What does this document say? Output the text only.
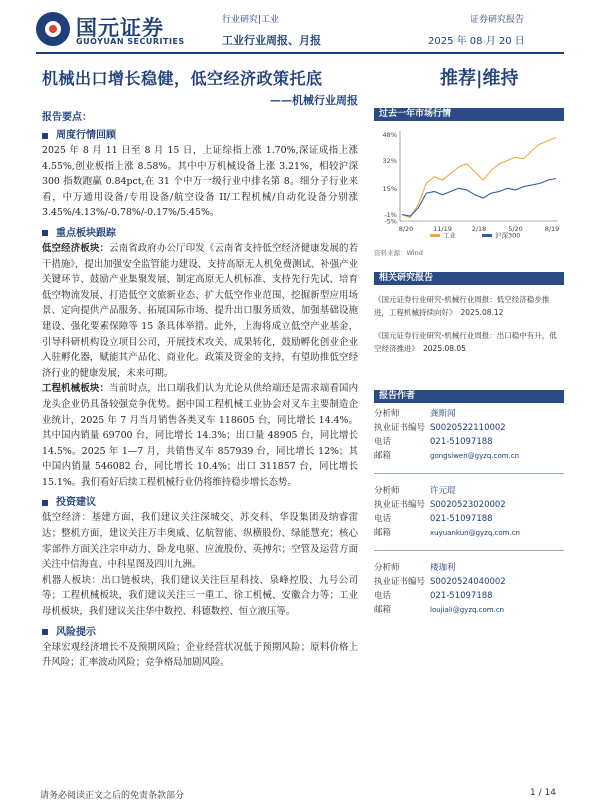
国元证券
GUOYUAN SECURITIES
行业研究|工业	证券研究报告
工业行业周报、月报	2025 年 08 月 20 日
机械出口增长稳健，低空经济政策托底	推荐|维持
——机械行业周报
报告要点：
周度行情回顾
2025 年 8 月 11 日至 8 月 15 日，上证综指上涨 1.70%,深证成指上涨 4.55%,创业板指上涨 8.58%。其中中万机械设备上涨 3.21%，相较沪深 300 指数跑赢 0.84pct,在 31 个中万一级行业中排名第 8。细分子行业来看，中万通用设备/专用设备/航空设备 II/工程机械/自动化设备分别涨 3.45%/4.13%/-0.78%/-0.17%/5.45%。
重点板块跟踪
低空经济板块：云南省政府办公厅印发《云南省支持低空经济健康发展的若干措施》，提出加强安全监管能力建设、支持高原无人机免费测试、补强产业关键环节、鼓励产业集聚发展、制定高原无人机标准、支持先行先试、培育低空物流发展、打造低空文旅新业态、扩大低空作业范围、挖掘新型应用场景、定向提供产品服务、拓展国际市场、提升出口服务质效、加强基础设施建设、强化要素保障等 15 条具体举措。此外，上海将成立低空产业基金，引导科研机构设立项目公司，开展技术攻关、成果转化，鼓励孵化创业企业入驻孵化器，赋能其产品化、商业化。政策及资金的支持，有望助推低空经济行业的健康发展，未来可期。
工程机械板块：当前时点，出口端我们认为尤论从供给端还是需求端看国内龙头企业仍具备较强竞争优势。据中国工程机械工业协会对叉车主要制造企业统计，2025 年 7 月当月销售各类叉车 118605 台，同比增长 14.4%。其中国内销量 69700 台，同比增长 14.3%；出口量 48905 台，同比增长 14.5%。2025 年 1—7 月，共销售叉车 857939 台，同比增长 12%；其中国内销量 546082 台，同比增长 10.4%；出口 311857 台，同比增长 15.1%。我们看好后续工程机械行业仍将维持稳步增长态势。
投资建议
低空经济：基建方面，我们建议关注深城交、苏交科、华设集团及纳睿雷达；整机方面，建议关注万丰奥威、亿航智能、纵横股份、绿能慧充；核心零部件方面关注宗申动力、卧龙电驱、应流股份、英搏尔；空管及运营方面关注中信海直、中科星图及四川九洲。
机器人板块：出口链板块，我们建议关注巨星科技、泉峰控股、九号公司等；工程机械板块，我们建议关注三一重工、徐工机械、安徽合力等；工业母机板块，我们建议关注华中数控、科德数控、恒立液压等。
风险提示
全球宏观经济增长不及预期风险；企业经营状况低于预期风险；原料价格上升风险；汇率波动风险；竞争格局加剧风险。
过去一年市场行情
48%
32%
15%
-1%
-5%
8/20	11/19	2/18	5/20	8/19
工业	沪深300
资料来源：Wind
相关研究报告
《国元证券行业研究-机械行业周报：低空经济稳步推进，工程机械持续向好》 2025.08.12
《国元证券行业研究-机械行业周报：出口稳中有升，低空经济推进》 2025.08.05
报告作者
分析师	龚斯闻
执业证书编号 S0020522110002
电话	021-51097188
邮箱	gongsiwen@gyzq.com.cn
分析师	许元琨
执业证书编号 S0020523020002
电话	021-51097188
邮箱	xuyuankun@gyzq.com.cn
分析师	楼珈利
执业证书编号 S0020524040002
电话	021-51097188
邮箱	loujiali@gyzq.com.cn
请务必阅读正文之后的免责条款部分	1 / 14
